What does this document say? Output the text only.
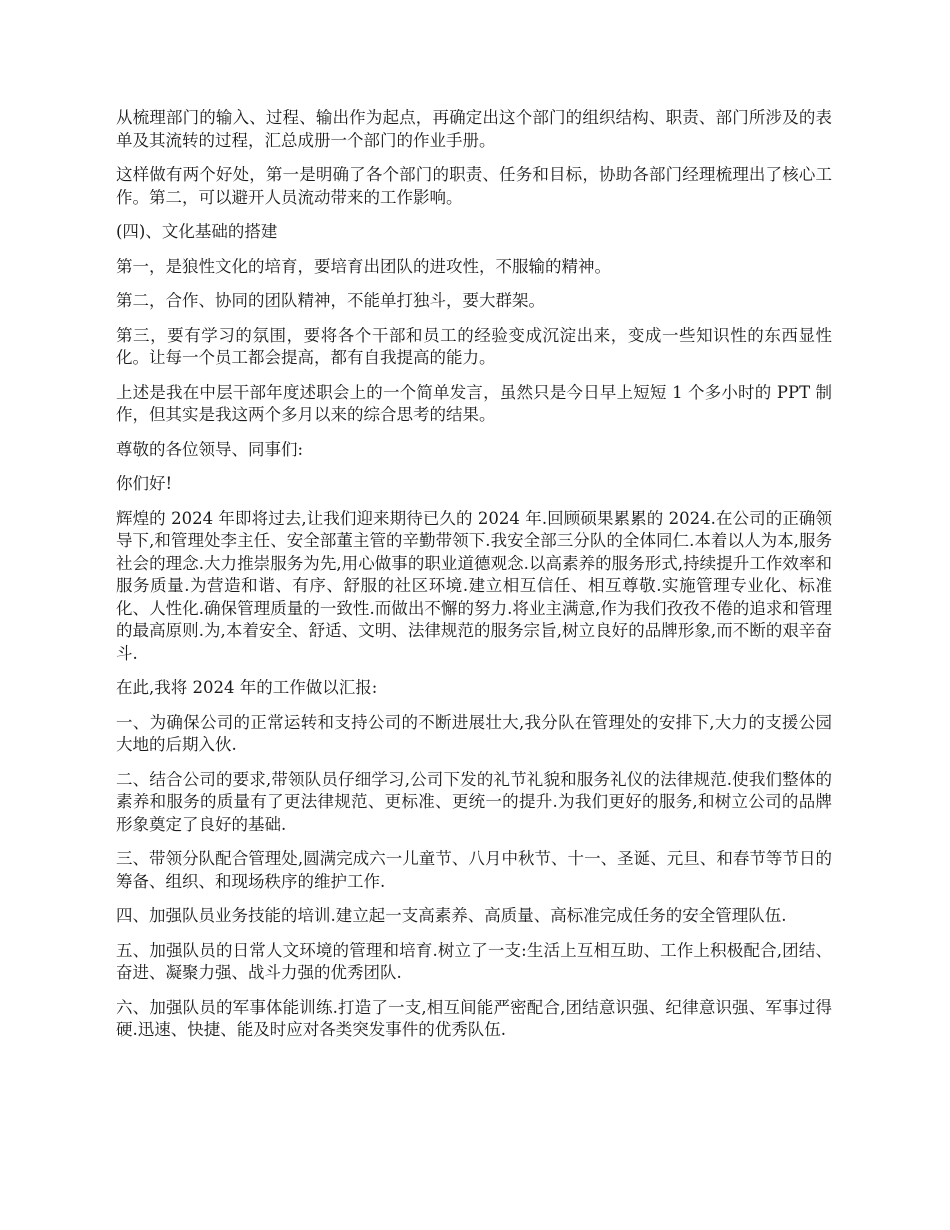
从梳理部门的输入、过程、输出作为起点，再确定出这个部门的组织结构、职责、部门所涉及的表单及其流转的过程，汇总成册一个部门的作业手册。

这样做有两个好处，第一是明确了各个部门的职责、任务和目标，协助各部门经理梳理出了核心工作。第二，可以避开人员流动带来的工作影响。

(四)、文化基础的搭建

第一，是狼性文化的培育，要培育出团队的进攻性，不服输的精神。

第二，合作、协同的团队精神，不能单打独斗，要大群架。

第三，要有学习的氛围，要将各个干部和员工的经验变成沉淀出来，变成一些知识性的东西显性化。让每一个员工都会提高，都有自我提高的能力。

上述是我在中层干部年度述职会上的一个简单发言，虽然只是今日早上短短 1 个多小时的 PPT 制作，但其实是我这两个多月以来的综合思考的结果。

尊敬的各位领导、同事们:

你们好!

辉煌的 2024 年即将过去,让我们迎来期待已久的 2024 年.回顾硕果累累的 2024.在公司的正确领导下,和管理处李主任、安全部董主管的辛勤带领下.我安全部三分队的全体同仁.本着以人为本,服务社会的理念.大力推崇服务为先,用心做事的职业道德观念.以高素养的服务形式,持续提升工作效率和服务质量.为营造和谐、有序、舒服的社区环境.建立相互信任、相互尊敬.实施管理专业化、标准化、人性化.确保管理质量的一致性.而做出不懈的努力.将业主满意,作为我们孜孜不倦的追求和管理的最高原则.为,本着安全、舒适、文明、法律规范的服务宗旨,树立良好的品牌形象,而不断的艰辛奋斗.

在此,我将 2024 年的工作做以汇报:

一、为确保公司的正常运转和支持公司的不断进展壮大,我分队在管理处的安排下,大力的支援公园大地的后期入伙.

二、结合公司的要求,带领队员仔细学习,公司下发的礼节礼貌和服务礼仪的法律规范.使我们整体的素养和服务的质量有了更法律规范、更标准、更统一的提升.为我们更好的服务,和树立公司的品牌形象奠定了良好的基础.

三、带领分队配合管理处,圆满完成六一儿童节、八月中秋节、十一、圣诞、元旦、和春节等节日的筹备、组织、和现场秩序的维护工作.

四、加强队员业务技能的培训.建立起一支高素养、高质量、高标准完成任务的安全管理队伍.

五、加强队员的日常人文环境的管理和培育.树立了一支:生活上互相互助、工作上积极配合,团结、奋进、凝聚力强、战斗力强的优秀团队.

六、加强队员的军事体能训练.打造了一支,相互间能严密配合,团结意识强、纪律意识强、军事过得硬.迅速、快捷、能及时应对各类突发事件的优秀队伍.
